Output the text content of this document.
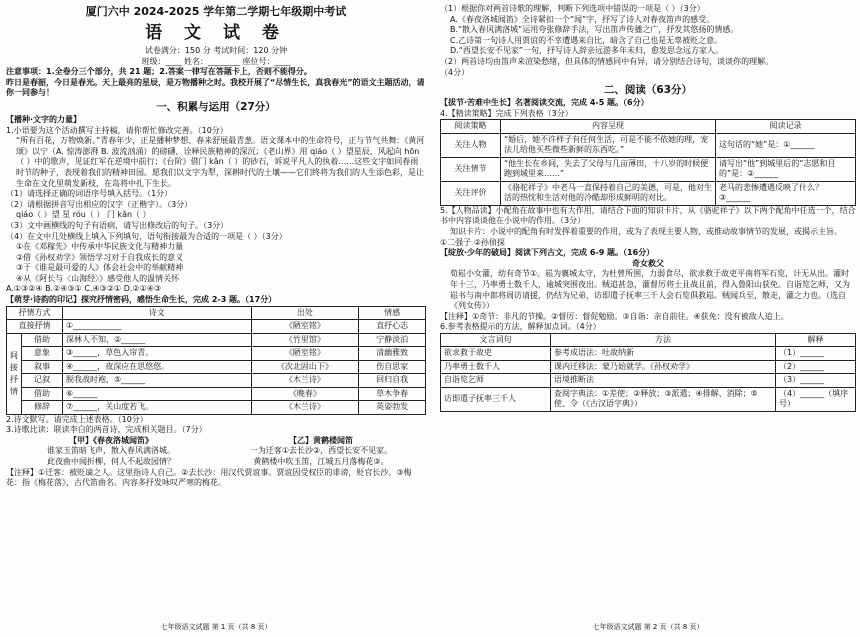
厦门六中 2024-2025 学年第二学期七年级期中考试
语 文 试 卷
试卷满分：150 分 考试时间：120 分钟
班级：____ 姓名：________ 座位号：____
注意事项：1.全卷分三个部分，共 21 题；2.答案一律写在答题卡上，否则不能得分。
昨日是春韶，今日是春光。天上最亮的星辰，是万物播种之时。我校开展了“尽情生长，真我春光”的语文主题活动，请你一同参与！
一、积累与运用（27分）
【播种·文字的力量】
1.小语要为这个活动撰写主持稿，请你帮忙修改完善。（10分）
“所有百花，万物焕新。”青春年少，正是播种梦想、春来舒展最青葱。语文课本中的生命符号，正与节气共舞：《黄河颂》以宁（A. 惊涛澎湃 B. 波流汹涌）的磅礴，诠释民族精神的深沉；《老山界》用 qiáo（ ）望星辰、风起向 hōn（ ）中的歌声，见证红军在逆境中前行；《台阶》借门 kǎn（ ）的砂石，诉说平凡人的执着……这些文字如同春雨时节的种子，表现着我们的精神田园。愿我们以文字为犁，深耕时代的土壤——它们终将为我们的人生添色彩，是让生命在文化里萌发新枝，在岛将中扎下生长。
（1）请选择正确的词语序号填入括号。（1分）
（2）请根据拼音写出相应的汉字（正楷字）。（3分）
qiáo（ ）望 星 róu（ ） 门 kǎn（ ）
（3）文中画横线的句子有语病，请写出修改后的句子。（3分）
（4）在文中几处横线上填入下列填句，语句衔接最为合适的一项是（ ）（3分）
①在《邓稼先》中传承中华民族文化与精神力量
②借《孙权劝学》领悟学习对于自我成长的意义
③于《谁是最可爱的人》体会社会中的举献精神
④从《阿长与〈山海经〉》感受他人的温情关怀
A.①③②④ B.②④③① C.④③②① D.②①④③
【萌芽·诗韵的印记】探究抒情密码，感悟生命生长，完成 2-3 题。（17分）
抒情方式		诗文	出处	情感
直接抒情		①____________	《陋室铭》	直抒心志
间接抒情	借助	深林人不知，②______	《竹里馆》	宁静淡泊
	意象	③______，草色入帘青。	《陋室铭》	清幽雅致
	叙事	④______，夜深应在思悠悠。	《次北固山下》	伤自思家
	记叙	脱我战时袍，⑤______	《木兰诗》	回归自我
	借助	⑥______	《晚春》	草木争春
	修辞	⑦______，关山度若飞。	《木兰诗》	英姿勃发
2.诗文默写。请完成上述表格。（10分）
3.诗歌比读：联读李白的两首诗，完成相关题目。（7分）
【甲】《春夜洛城闻笛》
谁家玉笛暗飞声，散入春风满洛城。
此夜曲中闻折柳，何人不起故园情？
【乙】黄鹤楼闻笛
一为迁客①去长沙②，西望长安不见家。
黄鹤楼中吹玉笛，江城五月落梅花③。
【注释】①迁客：被贬谪之人。这里指诗人自己。②去长沙：用汉代贾谊事。贾谊因受权臣的诽谤，贬官长沙。③梅花：指《梅花落》，古代笛曲名。内容多抒发咏叹严寒的梅花。
七年级语文试题 第 1 页（共 8 页）
（1）根据你对两首诗歌的理解，判断下列选项中错误的一项是（ ）（3分）
A.《春夜洛城闻笛》全诗紧扣一个“闻”字，抒写了诗人对春夜笛声的感受。
B.“散入春风满洛城”运用夸张修辞手法，写出笛声传播之广，抒发其悠扬的情感。
C.乙诗第一句诗人用贾谊的不幸遭遇来自比，暗含了自己也是无辜被贬之意。
D.“西望长安不见家”一句，抒写诗人辞亲远游多年未归，愈发思念远方家人。
（2）两首诗均由笛声来渲染愁绪，但具体的情感同中有异，请分别结合诗句，谈谈你的理解。
（4分）
二、阅读（63分）
【拔节·苦难中生长】名著阅读交流，完成 4-5 题。（6分）
4.【精读策略】完成下列表格（3分）
阅读策略	内容呈现	阅读记录
关注人物	“婚后，她不许样子有任何生活，可是不能不依她的理，宠法儿给他买些微些新鲜的东西吃。”	这句话的“她”是：①______
关注情节	“他生长在乡间，失去了父母与几亩薄田，十八岁的时候便跑到城里来……”	请写出“他”到城里后的“志愿和目的”是：②______
关注评价	《骆驼祥子》中老马一直保持着自己的美德，可是，他对生活的热忱和生活对他的冷酷却形成鲜明的对比。	老马的悲惨遭遇反映了什么？③______
5.【人物品读】小配角在故事中也有大作用，请结合下面的知识卡片，从《骆驼祥子》以下两个配角中任选一个，结合书中内容谈谈他在小说中的作用。（3分）
知识卡片：小说中的配角有时发挥着重要的作用，或为了表现主要人物，或推动故事情节的发展，或揭示主旨。
①二强子 ②孙侦探
【绽放·少年的破局】阅读下列古文，完成 6-9 题。（16分）
奇女救父
荀崧小女灌，幼有奇节①。崧为襄城太守，为杜曾所围，力弱食尽，欲求救于故吏平南将军石览，计无从出。灌时年十三，乃率勇士数千人，逾城突围夜出。贼追甚急，灌督厉将士且战且前，得入鲁阳山获免。自诣览乞师，又为崧书与南中郎将周访请援，仍结为兄弟，访即遣子抚率三千人会石览俱救崧。贼闻兵至，散走，灌之力也。（选自《列女传》）
【注释】①奇节：非凡的节操。②督厉：督促勉励。③自诣：亲自前往。④获免：没有被敌人追上。
6.参考表格提示的方法，解释加点词。（4分）
文言词句	方法	解释
欲求救于故吏	参考成语法：吐故纳新	（1）______
乃率勇士数千人	课内迁移法：蒙乃始就学。《孙权劝学》	（2）______
自诣览乞师	语境推断法	（3）______
访即遣子抚率三千人	查阅字典法：①差使；②释放；③派遣；④排解、消除；⑤使、令（《古汉语字典》）	（4）______（填序号）
七年级语文试题 第 2 页（共 8 页）
